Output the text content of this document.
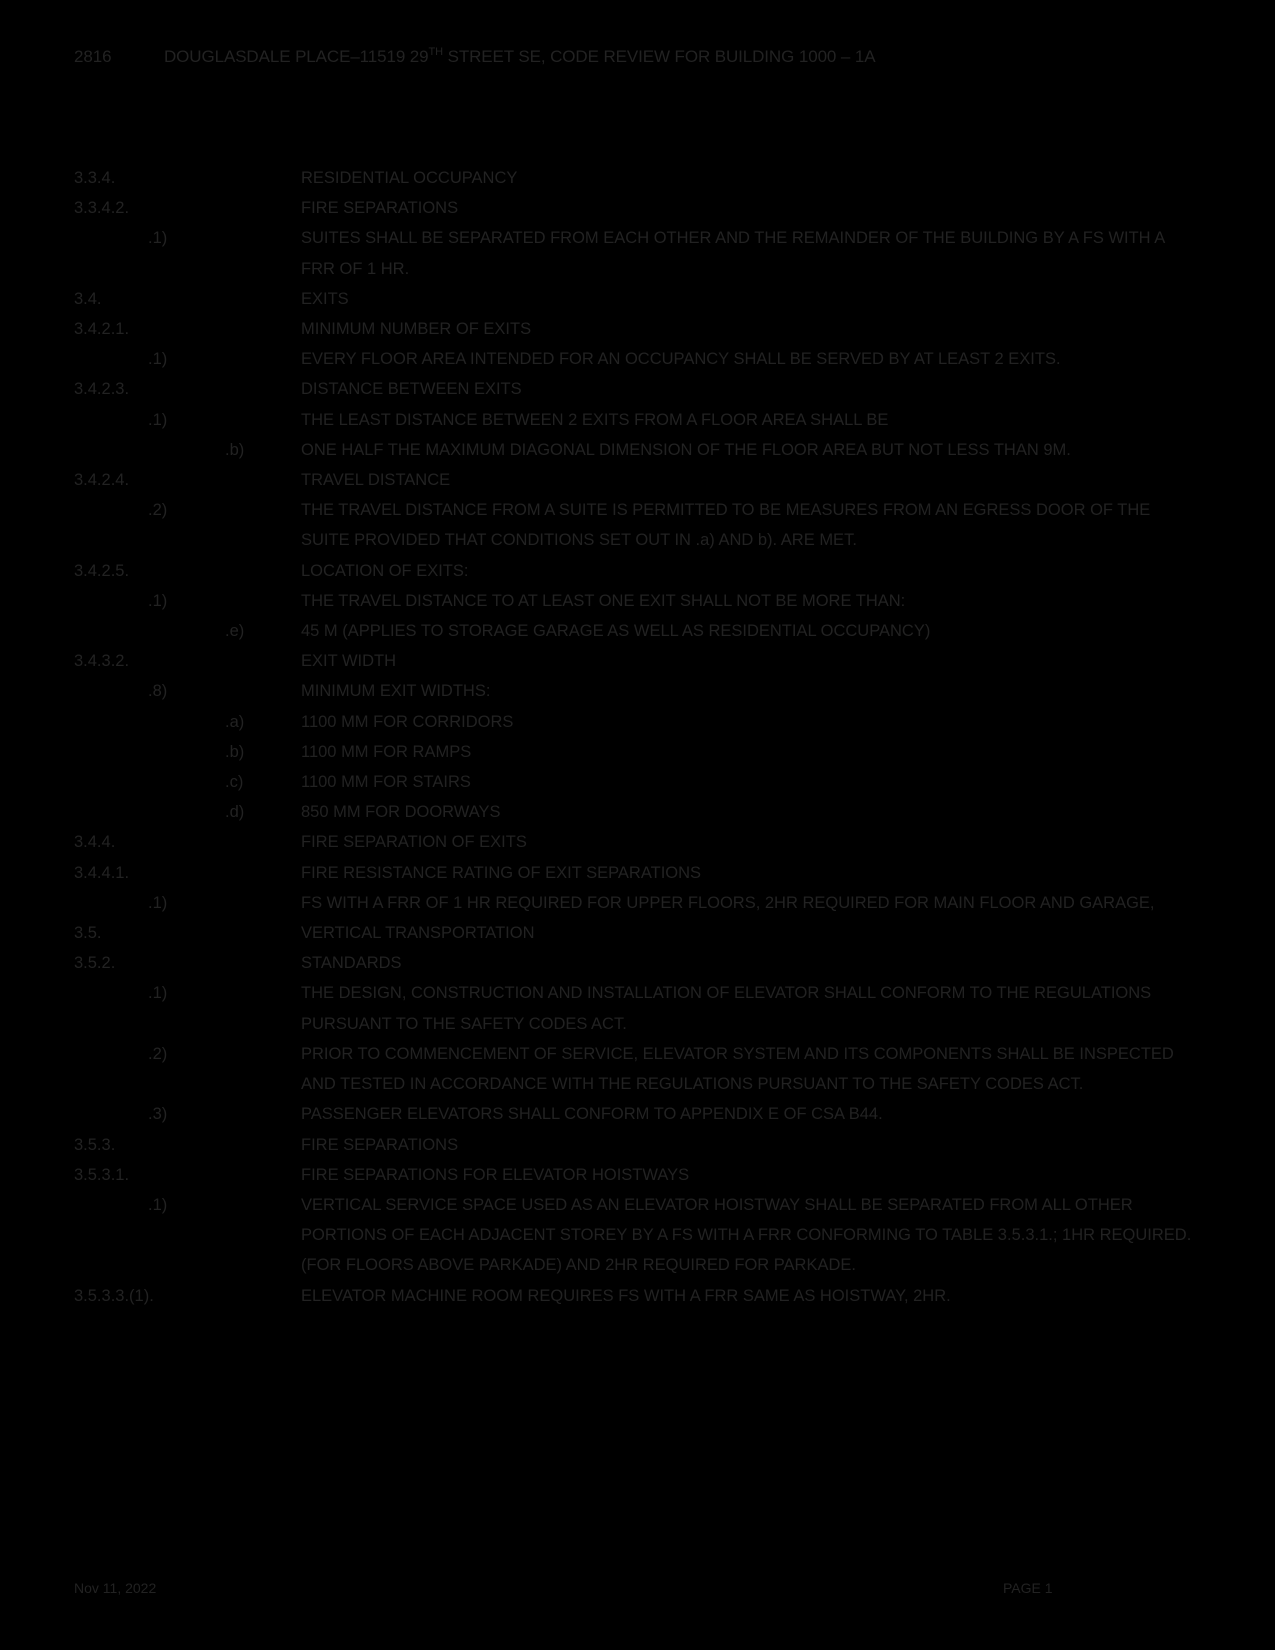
2816	DOUGLASDALE PLACE–11519 29TH STREET SE, CODE REVIEW FOR BUILDING 1000 – 1A
3.3.4.	RESIDENTIAL OCCUPANCY
3.3.4.2.	FIRE SEPARATIONS
.1)	SUITES SHALL BE SEPARATED FROM EACH OTHER AND THE REMAINDER OF THE BUILDING BY A FS WITH A FRR OF 1 HR.
3.4.	EXITS
3.4.2.1.	MINIMUM NUMBER OF EXITS
.1)	EVERY FLOOR AREA INTENDED FOR AN OCCUPANCY SHALL BE SERVED BY AT LEAST 2 EXITS.
3.4.2.3.	DISTANCE BETWEEN EXITS
.1)	THE LEAST DISTANCE BETWEEN 2 EXITS FROM A FLOOR AREA SHALL BE
.b)	ONE HALF THE MAXIMUM DIAGONAL DIMENSION OF THE FLOOR AREA BUT NOT LESS THAN 9M.
3.4.2.4.	TRAVEL DISTANCE
.2)	THE TRAVEL DISTANCE FROM A SUITE IS PERMITTED TO BE MEASURES FROM AN EGRESS DOOR OF THE SUITE PROVIDED THAT CONDITIONS SET OUT IN .a) AND b). ARE MET.
3.4.2.5.	LOCATION OF EXITS:
.1)	THE TRAVEL DISTANCE TO AT LEAST ONE EXIT SHALL NOT BE MORE THAN:
.e)	45 M (APPLIES TO STORAGE GARAGE AS WELL AS RESIDENTIAL OCCUPANCY)
3.4.3.2.	EXIT WIDTH
.8)	MINIMUM EXIT WIDTHS:
.a)	1100 MM FOR CORRIDORS
.b)	1100 MM FOR RAMPS
.c)	1100 MM FOR STAIRS
.d)	850 MM FOR DOORWAYS
3.4.4.	FIRE SEPARATION OF EXITS
3.4.4.1.	FIRE RESISTANCE RATING OF EXIT SEPARATIONS
.1)	FS WITH A FRR OF 1 HR REQUIRED FOR UPPER FLOORS, 2HR REQUIRED FOR MAIN FLOOR AND GARAGE,
3.5.	VERTICAL TRANSPORTATION
3.5.2.	STANDARDS
.1)	THE DESIGN, CONSTRUCTION AND INSTALLATION OF ELEVATOR SHALL CONFORM TO THE REGULATIONS PURSUANT TO THE SAFETY CODES ACT.
.2)	PRIOR TO COMMENCEMENT OF SERVICE, ELEVATOR SYSTEM AND ITS COMPONENTS SHALL BE INSPECTED AND TESTED IN ACCORDANCE WITH THE REGULATIONS PURSUANT TO THE SAFETY CODES ACT.
.3)	PASSENGER ELEVATORS SHALL CONFORM TO APPENDIX E OF CSA B44.
3.5.3.	FIRE SEPARATIONS
3.5.3.1.	FIRE SEPARATIONS FOR ELEVATOR HOISTWAYS
.1)	VERTICAL SERVICE SPACE USED AS AN ELEVATOR HOISTWAY SHALL BE SEPARATED FROM ALL OTHER PORTIONS OF EACH ADJACENT STOREY BY A FS WITH A FRR CONFORMING TO TABLE 3.5.3.1.; 1HR REQUIRED. (FOR FLOORS ABOVE PARKADE) AND 2HR REQUIRED FOR PARKADE.
3.5.3.3.(1).	ELEVATOR MACHINE ROOM REQUIRES FS WITH A FRR SAME AS HOISTWAY, 2HR.
Nov 11, 2022	PAGE 1
